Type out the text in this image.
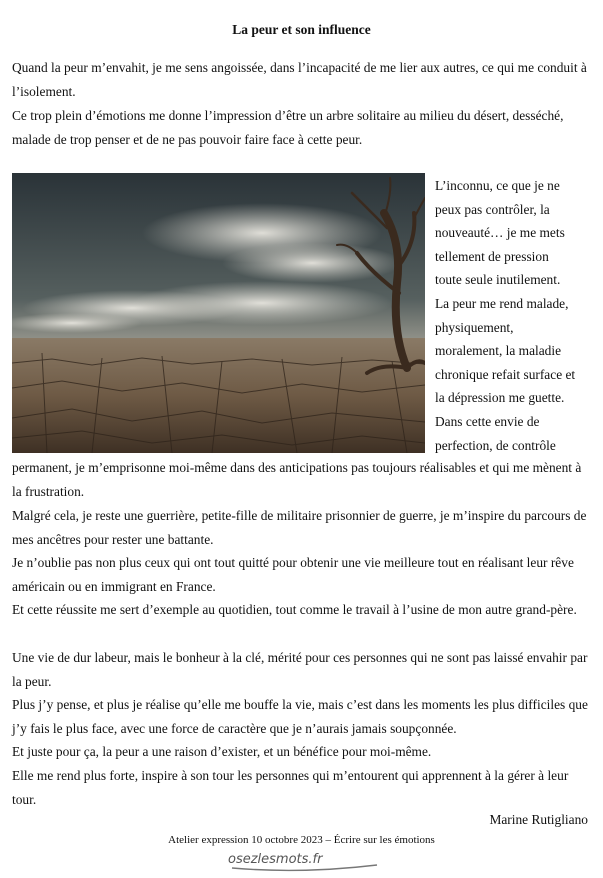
La peur et son influence

Quand la peur m’envahit, je me sens angoissée, dans l’incapacité de me lier aux autres, ce qui me conduit à l’isolement.

Ce trop plein d’émotions me donne l’impression d’être un arbre solitaire au milieu du désert, desséché, malade de trop penser et de ne pas pouvoir faire face à cette peur.

L’inconnu, ce que je ne
peux pas contrôler, la
nouveauté… je me mets
tellement de pression
toute seule inutilement.
La peur me rend malade,
physiquement,
moralement, la maladie
chronique refait surface et
la dépression me guette.
Dans cette envie de
perfection, de contrôle

permanent, je m’emprisonne moi-même dans des anticipations pas toujours réalisables et qui me mènent à la frustration.

Malgré cela, je reste une guerrière, petite-fille de militaire prisonnier de guerre, je m’inspire du parcours de mes ancêtres pour rester une battante.

Je n’oublie pas non plus ceux qui ont tout quitté pour obtenir une vie meilleure tout en réalisant leur rêve américain ou en immigrant en France.

Et cette réussite me sert d’exemple au quotidien, tout comme le travail à l’usine de mon autre grand-père.

Une vie de dur labeur, mais le bonheur à la clé, mérité pour ces personnes qui ne sont pas laissé envahir par la peur.

Plus j’y pense, et plus je réalise qu’elle me bouffe la vie, mais c’est dans les moments les plus difficiles que j’y fais le plus face, avec une force de caractère que je n’aurais jamais soupçonnée.

Et juste pour ça, la peur a une raison d’exister, et un bénéfice pour moi-même.

Elle me rend plus forte, inspire à son tour les personnes qui m’entourent qui apprennent à la gérer à leur tour.

Marine Rutigliano
Atelier expression 10 octobre 2023 – Écrire sur les émotions
osezlesmots.fr
